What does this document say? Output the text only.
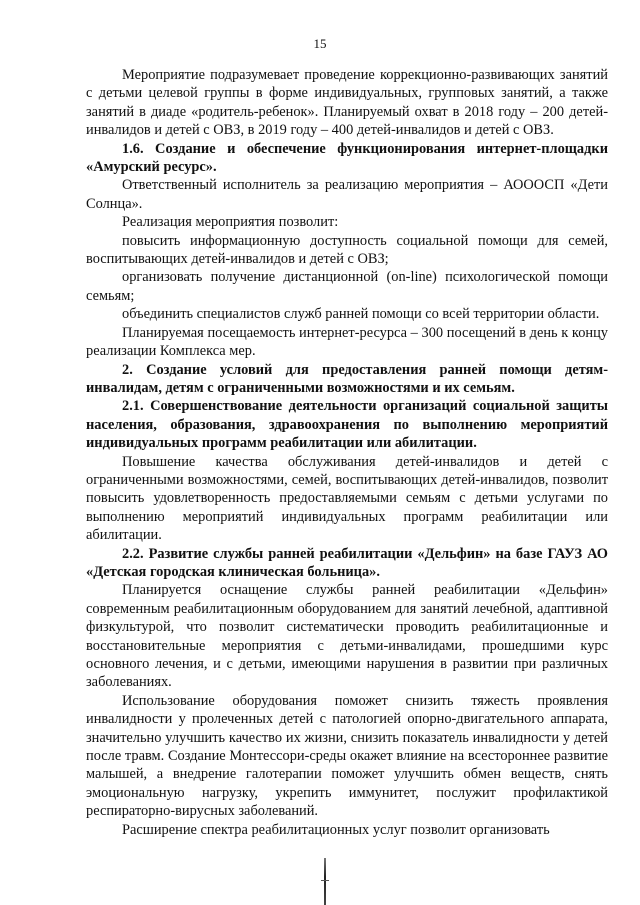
15

Мероприятие подразумевает проведение коррекционно-развивающих занятий с детьми целевой группы в форме индивидуальных, групповых занятий, а также занятий в диаде «родитель-ребенок». Планируемый охват в 2018 году – 200 детей-инвалидов и детей с ОВЗ, в 2019 году – 400 детей-инвалидов и детей с ОВЗ.

1.6. Создание и обеспечение функционирования интернет-площадки «Амурский ресурс».

Ответственный исполнитель за реализацию мероприятия – АОООСП «Дети Солнца».

Реализация мероприятия позволит:

повысить информационную доступность социальной помощи для семей, воспитывающих детей-инвалидов и детей с ОВЗ;

организовать получение дистанционной (on-line) психологической помощи семьям;

объединить специалистов служб ранней помощи со всей территории области.

Планируемая посещаемость интернет-ресурса – 300 посещений в день к концу реализации Комплекса мер.

2. Создание условий для предоставления ранней помощи детям-инвалидам, детям с ограниченными возможностями и их семьям.

2.1. Совершенствование деятельности организаций социальной защиты населения, образования, здравоохранения по выполнению мероприятий индивидуальных программ реабилитации или абилитации.

Повышение качества обслуживания детей-инвалидов и детей с ограниченными возможностями, семей, воспитывающих детей-инвалидов, позволит повысить удовлетворенность предоставляемыми семьям с детьми услугами по выполнению мероприятий индивидуальных программ реабилитации или абилитации.

2.2. Развитие службы ранней реабилитации «Дельфин» на базе ГАУЗ АО «Детская городская клиническая больница».

Планируется оснащение службы ранней реабилитации «Дельфин» современным реабилитационным оборудованием для занятий лечебной, адаптивной физкультурой, что позволит систематически проводить реабилитационные и восстановительные мероприятия с детьми-инвалидами, прошедшими курс основного лечения, и с детьми, имеющими нарушения в развитии при различных заболеваниях.

Использование оборудования поможет снизить тяжесть проявления инвалидности у пролеченных детей с патологией опорно-двигательного аппарата, значительно улучшить качество их жизни, снизить показатель инвалидности у детей после травм. Создание Монтессори-среды окажет влияние на всестороннее развитие малышей, а внедрение галотерапии поможет улучшить обмен веществ, снять эмоциональную нагрузку, укрепить иммунитет, послужит профилактикой респираторно-вирусных заболеваний.

Расширение спектра реабилитационных услуг позволит организовать
